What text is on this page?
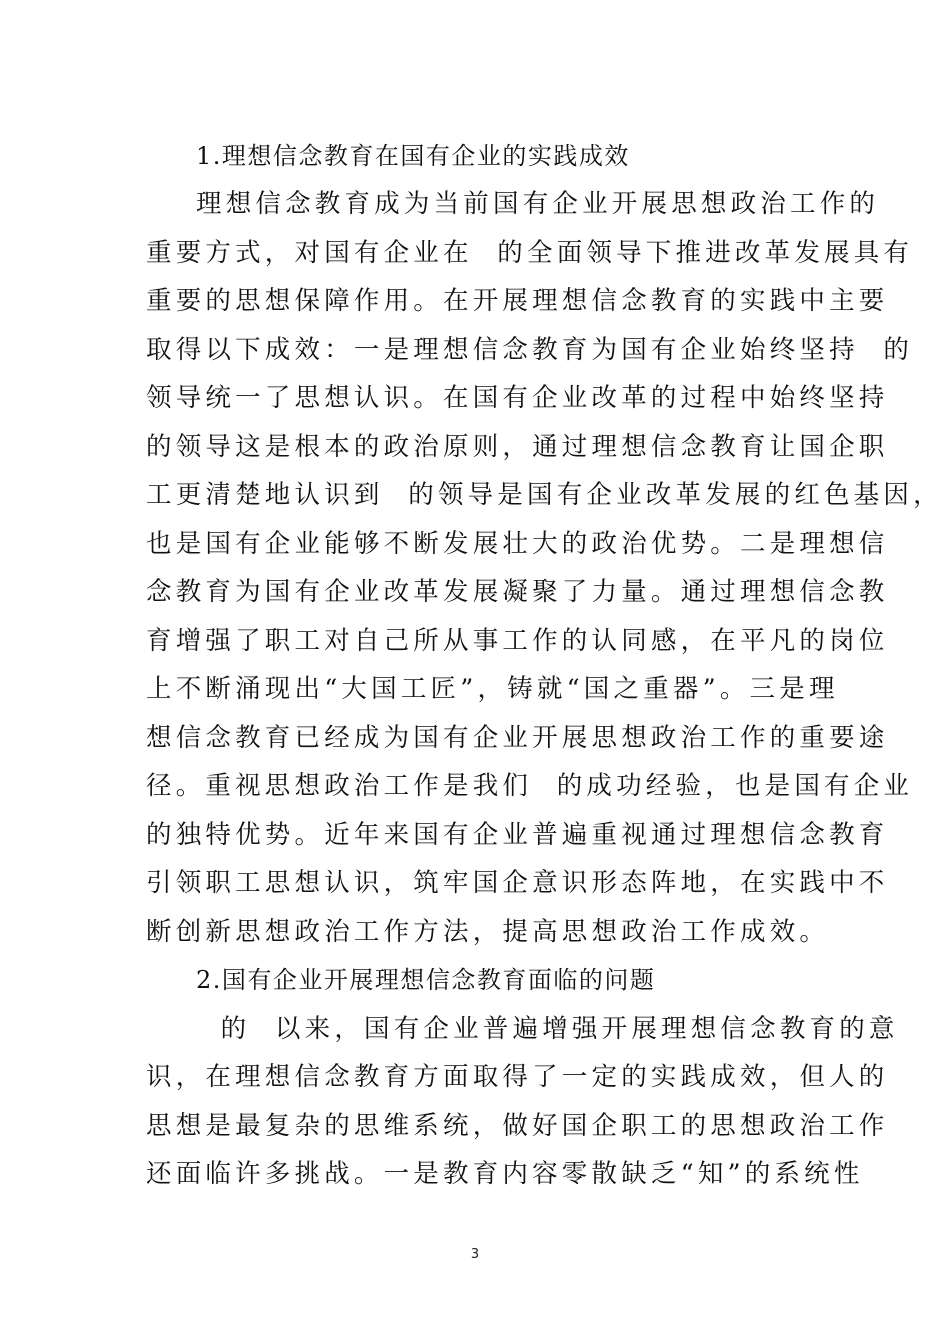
1.理想信念教育在国有企业的实践成效
理想信念教育成为当前国有企业开展思想政治工作的
重要方式，对国有企业在  的全面领导下推进改革发展具有
重要的思想保障作用。在开展理想信念教育的实践中主要
取得以下成效：一是理想信念教育为国有企业始终坚持  的
领导统一了思想认识。在国有企业改革的过程中始终坚持
的领导这是根本的政治原则，通过理想信念教育让国企职
工更清楚地认识到  的领导是国有企业改革发展的红色基因，
也是国有企业能够不断发展壮大的政治优势。二是理想信
念教育为国有企业改革发展凝聚了力量。通过理想信念教
育增强了职工对自己所从事工作的认同感，在平凡的岗位
上不断涌现出“大国工匠”，铸就“国之重器”。三是理
想信念教育已经成为国有企业开展思想政治工作的重要途
径。重视思想政治工作是我们  的成功经验，也是国有企业
的独特优势。近年来国有企业普遍重视通过理想信念教育
引领职工思想认识，筑牢国企意识形态阵地，在实践中不
断创新思想政治工作方法，提高思想政治工作成效。
2.国有企业开展理想信念教育面临的问题
的  以来，国有企业普遍增强开展理想信念教育的意
识，在理想信念教育方面取得了一定的实践成效，但人的
思想是最复杂的思维系统，做好国企职工的思想政治工作
还面临许多挑战。一是教育内容零散缺乏“知”的系统性
3
